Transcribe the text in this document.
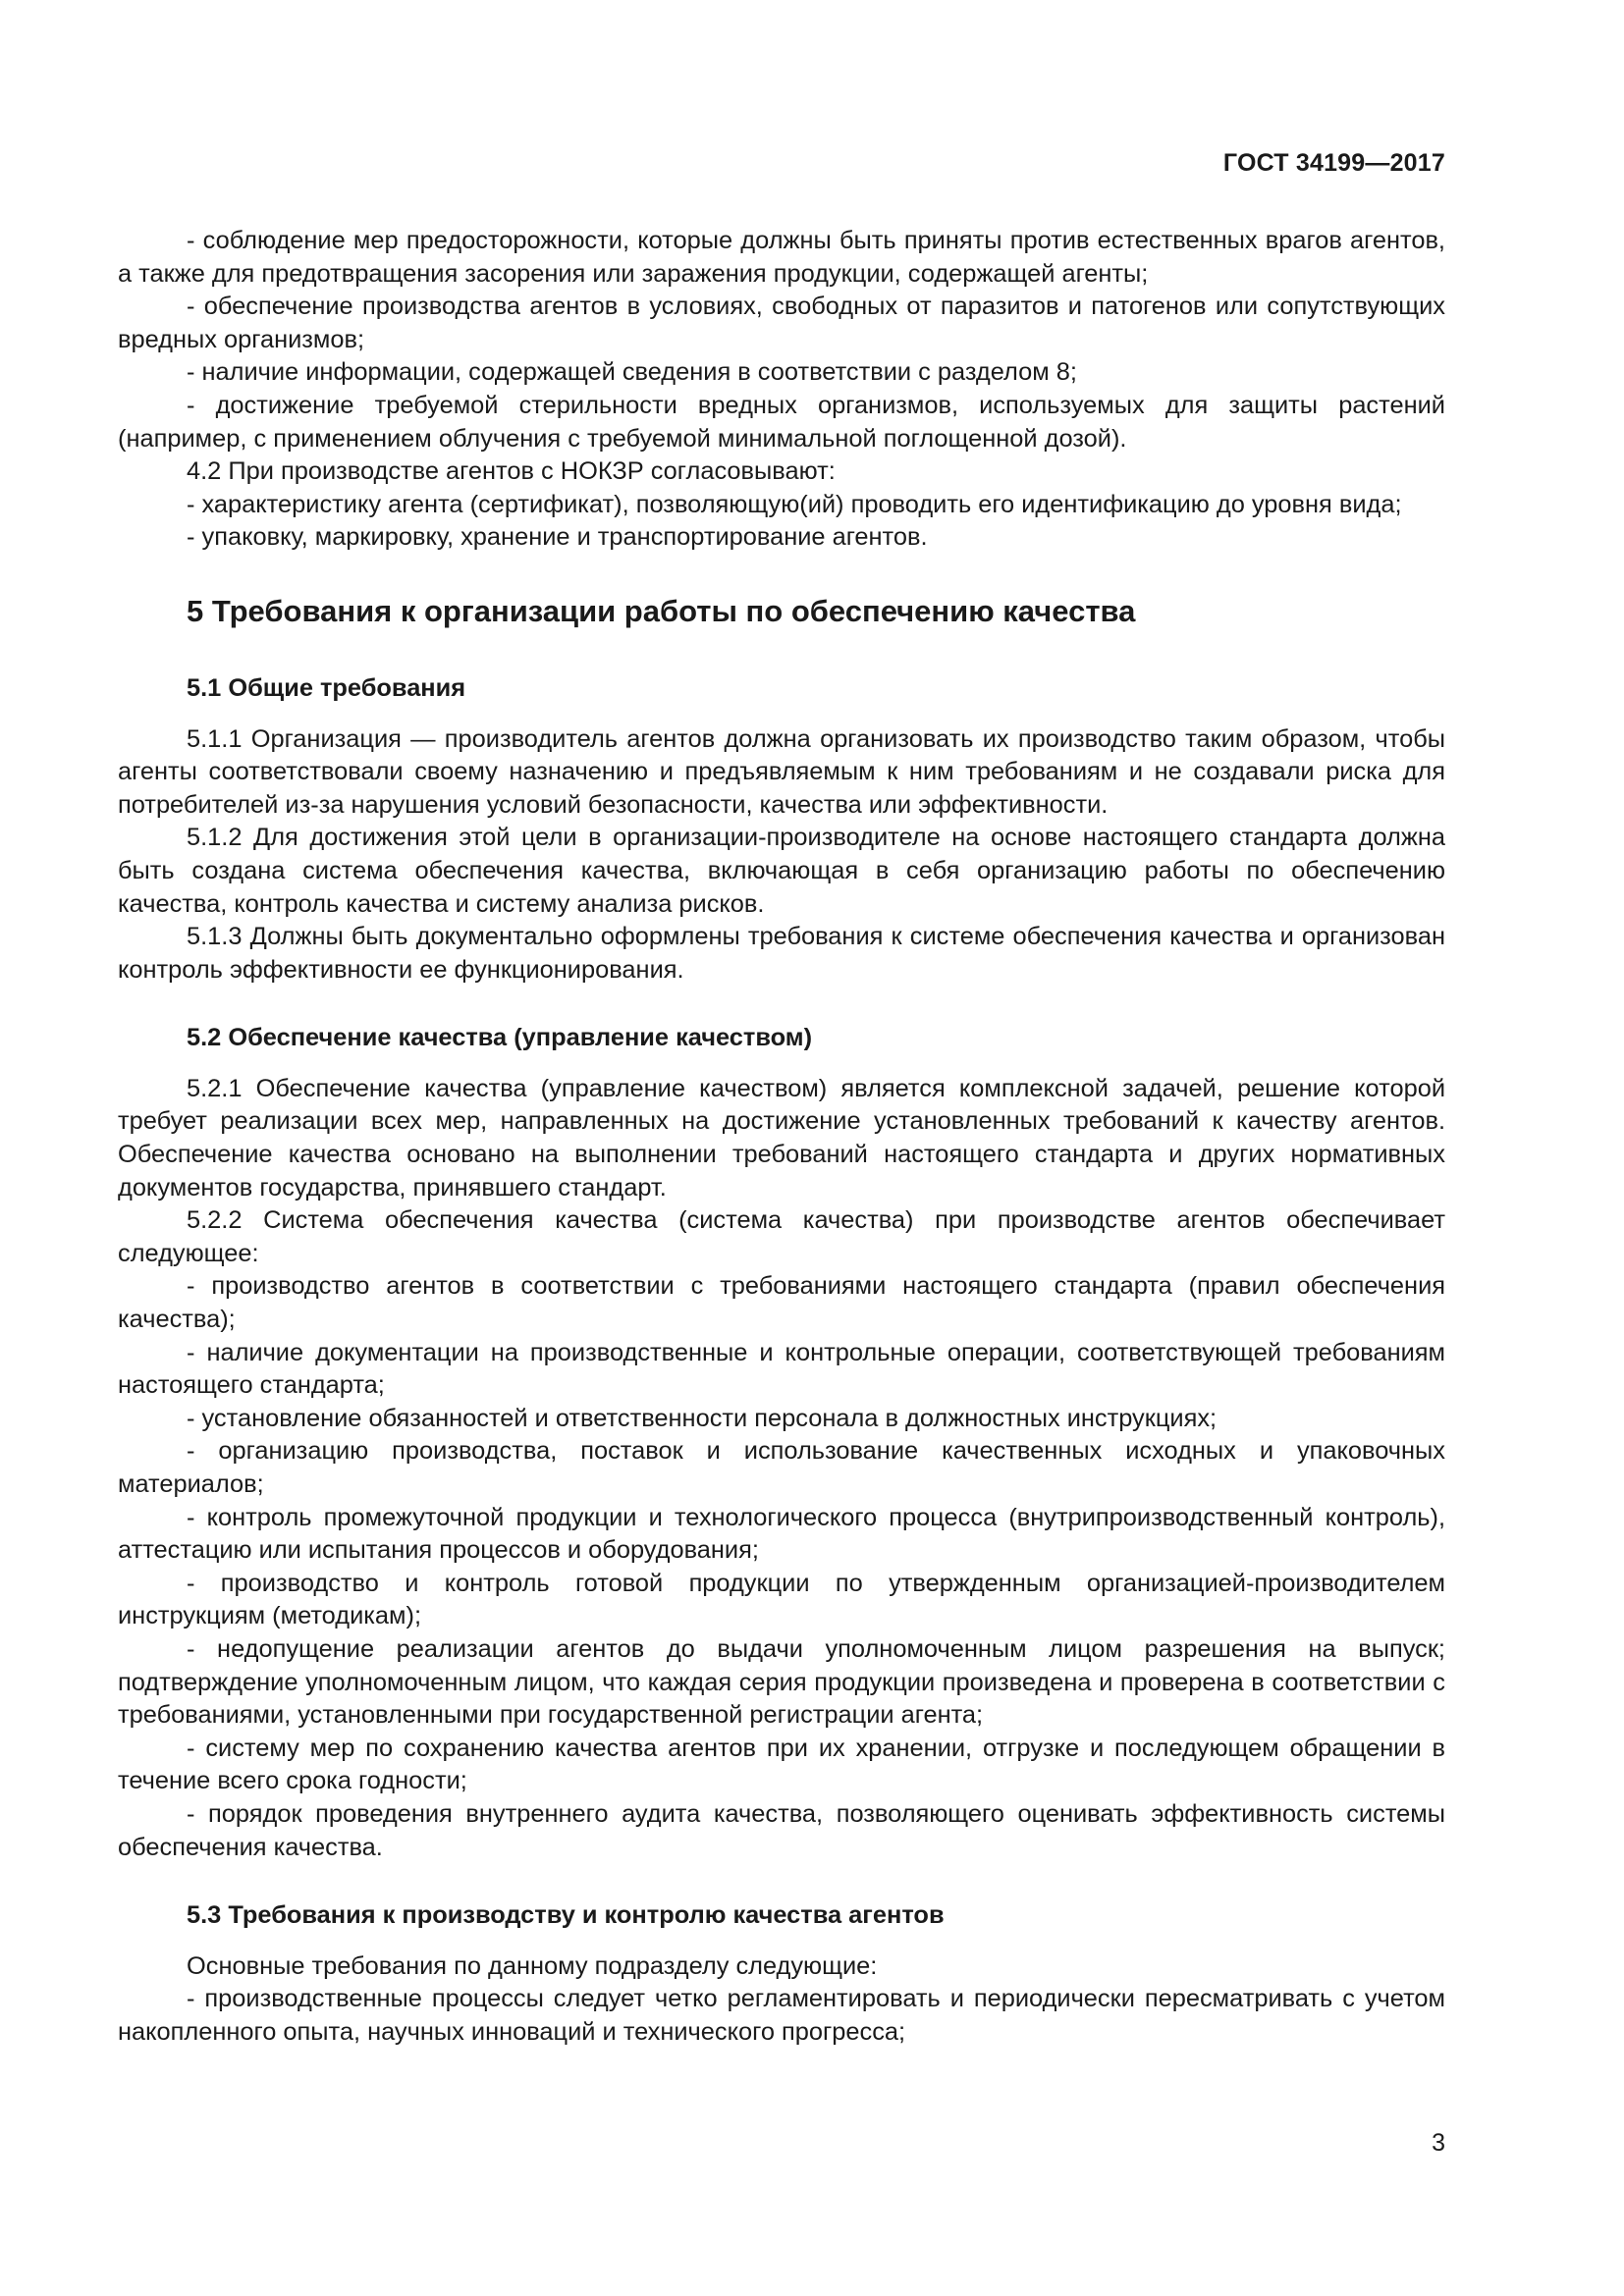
ГОСТ 34199—2017

- соблюдение мер предосторожности, которые должны быть приняты против естественных врагов агентов, а также для предотвращения засорения или заражения продукции, содержащей агенты;

- обеспечение производства агентов в условиях, свободных от паразитов и патогенов или сопутствующих вредных организмов;

- наличие информации, содержащей сведения в соответствии с разделом 8;

- достижение требуемой стерильности вредных организмов, используемых для защиты растений (например, с применением облучения с требуемой минимальной поглощенной дозой).

4.2 При производстве агентов с НОКЗР согласовывают:

- характеристику агента (сертификат), позволяющую(ий) проводить его идентификацию до уровня вида;

- упаковку, маркировку, хранение и транспортирование агентов.

5 Требования к организации работы по обеспечению качества
5.1 Общие требования

5.1.1 Организация — производитель агентов должна организовать их производство таким образом, чтобы агенты соответствовали своему назначению и предъявляемым к ним требованиям и не создавали риска для потребителей из-за нарушения условий безопасности, качества или эффективности.

5.1.2 Для достижения этой цели в организации-производителе на основе настоящего стандарта должна быть создана система обеспечения качества, включающая в себя организацию работы по обеспечению качества, контроль качества и систему анализа рисков.

5.1.3 Должны быть документально оформлены требования к системе обеспечения качества и организован контроль эффективности ее функционирования.

5.2 Обеспечение качества (управление качеством)

5.2.1 Обеспечение качества (управление качеством) является комплексной задачей, решение которой требует реализации всех мер, направленных на достижение установленных требований к качеству агентов. Обеспечение качества основано на выполнении требований настоящего стандарта и других нормативных документов государства, принявшего стандарт.

5.2.2 Система обеспечения качества (система качества) при производстве агентов обеспечивает следующее:

- производство агентов в соответствии с требованиями настоящего стандарта (правил обеспечения качества);

- наличие документации на производственные и контрольные операции, соответствующей требованиям настоящего стандарта;

- установление обязанностей и ответственности персонала в должностных инструкциях;

- организацию производства, поставок и использование качественных исходных и упаковочных материалов;

- контроль промежуточной продукции и технологического процесса (внутрипроизводственный контроль), аттестацию или испытания процессов и оборудования;

- производство и контроль готовой продукции по утвержденным организацией-производителем инструкциям (методикам);

- недопущение реализации агентов до выдачи уполномоченным лицом разрешения на выпуск; подтверждение уполномоченным лицом, что каждая серия продукции произведена и проверена в соответствии с требованиями, установленными при государственной регистрации агента;

- систему мер по сохранению качества агентов при их хранении, отгрузке и последующем обращении в течение всего срока годности;

- порядок проведения внутреннего аудита качества, позволяющего оценивать эффективность системы обеспечения качества.

5.3 Требования к производству и контролю качества агентов

Основные требования по данному подразделу следующие:

- производственные процессы следует четко регламентировать и периодически пересматривать с учетом накопленного опыта, научных инноваций и технического прогресса;

3
